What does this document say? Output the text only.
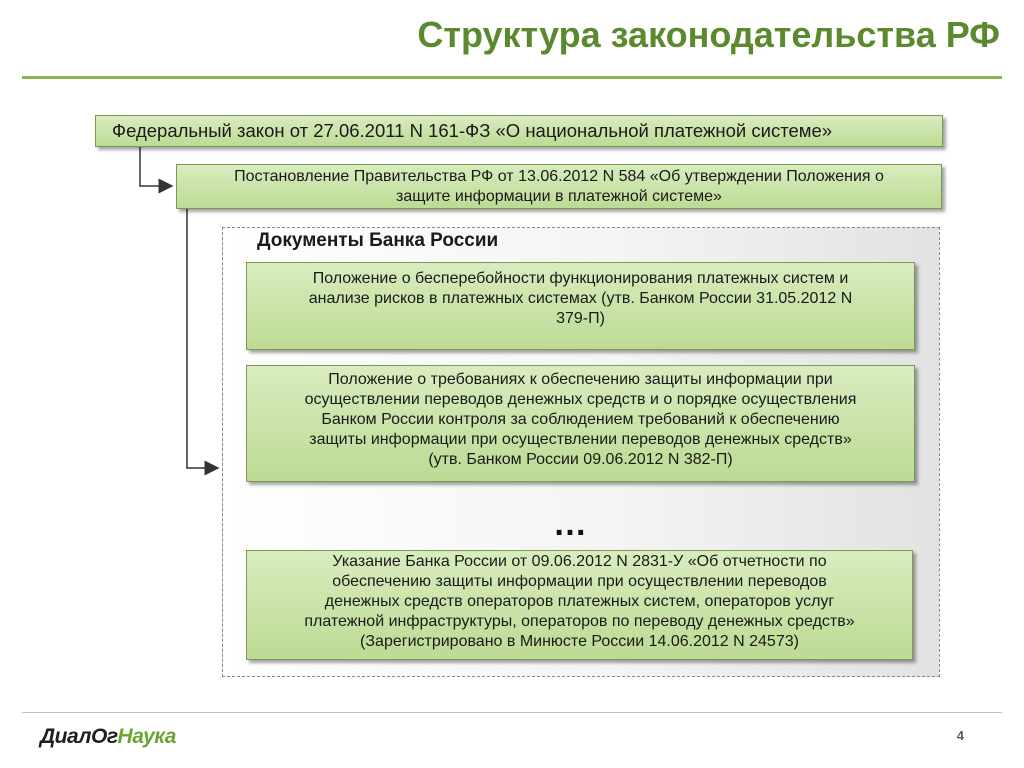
Структура законодательства РФ
Федеральный закон от 27.06.2011 N 161-ФЗ «О национальной платежной системе»
Постановление Правительства РФ от 13.06.2012 N 584 «Об утверждении Положения о
защите информации в платежной системе»
Документы Банка России
Положение о бесперебойности функционирования платежных систем и
анализе рисков в платежных системах (утв. Банком России 31.05.2012 N
379-П)
Положение о требованиях к обеспечению защиты информации при
осуществлении переводов денежных средств и о порядке осуществления
Банком России контроля за соблюдением требований к обеспечению
защиты информации при осуществлении переводов денежных средств»
(утв. Банком России 09.06.2012 N 382-П)
…
Указание Банка России от 09.06.2012 N 2831-У «Об отчетности по
обеспечению защиты информации при осуществлении переводов
денежных средств операторов платежных систем, операторов услуг
платежной инфраструктуры, операторов по переводу денежных средств»
(Зарегистрировано в Минюсте России 14.06.2012 N 24573)
ДиалОгНаука	4
